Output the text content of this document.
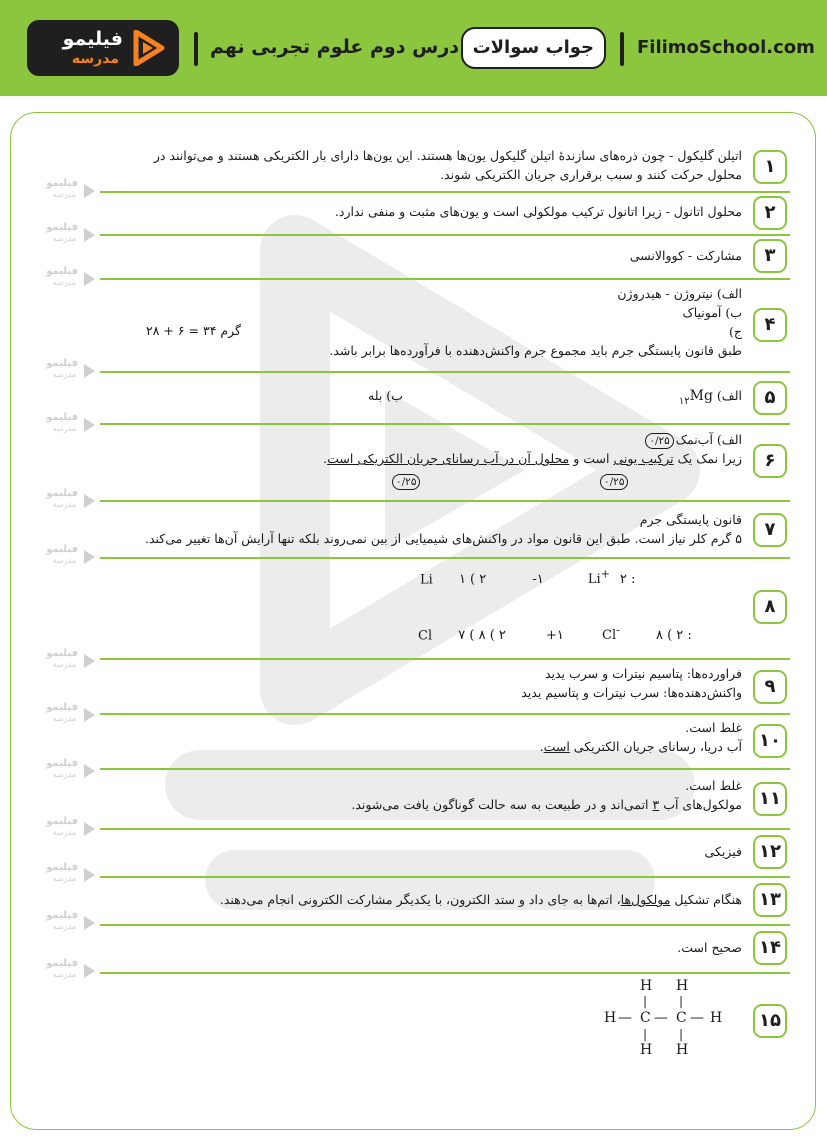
فیلیمو
مدرسه
درس دوم علوم تجربی نهم جواب سوالات	FilimoSchool.com
فیلیمو
مدرسه
فیلیمو
مدرسه
فیلیمو
مدرسه
فیلیمو
مدرسه
فیلیمو
مدرسه
فیلیمو
مدرسه
فیلیمو
مدرسه
فیلیمو
مدرسه
فیلیمو
مدرسه
فیلیمو
مدرسه
فیلیمو
مدرسه
فیلیمو
مدرسه
فیلیمو
مدرسه
فیلیمو
مدرسه
۱

اتیلن گلیکول - چون ذره‌های سازندهٔ اتیلن گلیکول یون‌ها هستند. این یون‌ها دارای بار الکتریکی هستند و می‌توانند در

محلول حرکت کنند و سبب برقراری جریان الکتریکی شوند.

۲

محلول اتانول - زیرا اتانول ترکیب مولکولی است و یون‌های مثبت و منفی ندارد.

۳

مشارکت - کووالانسی

۴

الف) نیتروژن - هیدروژن

ب) آمونیاک

ج)

طبق قانون پایستگی جرم باید مجموع جرم واکنش‌دهنده با فرآورده‌ها برابر باشد.

گرم ۳۴ = ۶ + ۲۸
۵
الف) $_{۱۲}$Mg
ب) بله
۶

الف) آب‌نمک۰/۲۵

زیرا نمک یک ترکیب یونی است و محلول آن در آب رسانای جریان الکتریکی است.

۰/۲۵
۰/۲۵
۷

قانون پایستگی جرم

۵ گرم کلر نیاز است. طبق این قانون مواد در واکنش‌های شیمیایی از بین نمی‌روند بلکه تنها آرایش آن‌ها تغییر می‌کند.

۸
Li ۲ ) ۱	-۱	Li+ : ۲
Cl ۲ ) ۸ ) ۷	+۱	Cl-	: ۲ ) ۸
۹

فراورده‌ها: پتاسیم نیترات و سرب یدید

واکنش‌دهنده‌ها: سرب نیترات و پتاسیم یدید

۱۰

غلط است.

آب دریا، رسانای جریان الکتریکی است.

۱۱

غلط است.

مولکول‌های آب ۳ اتمی‌اند و در طبیعت به سه حالت گوناگون یافت می‌شوند.

۱۲

فیزیکی

۱۳

هنگام تشکیل مولکول‌ها، اتم‌ها به جای داد و ستد الکترون، با یکدیگر مشارکت الکترونی انجام می‌دهند.

۱۴

صحیح است.

۱۵
H H
|	|
H — C — C — H
|	|
H H
